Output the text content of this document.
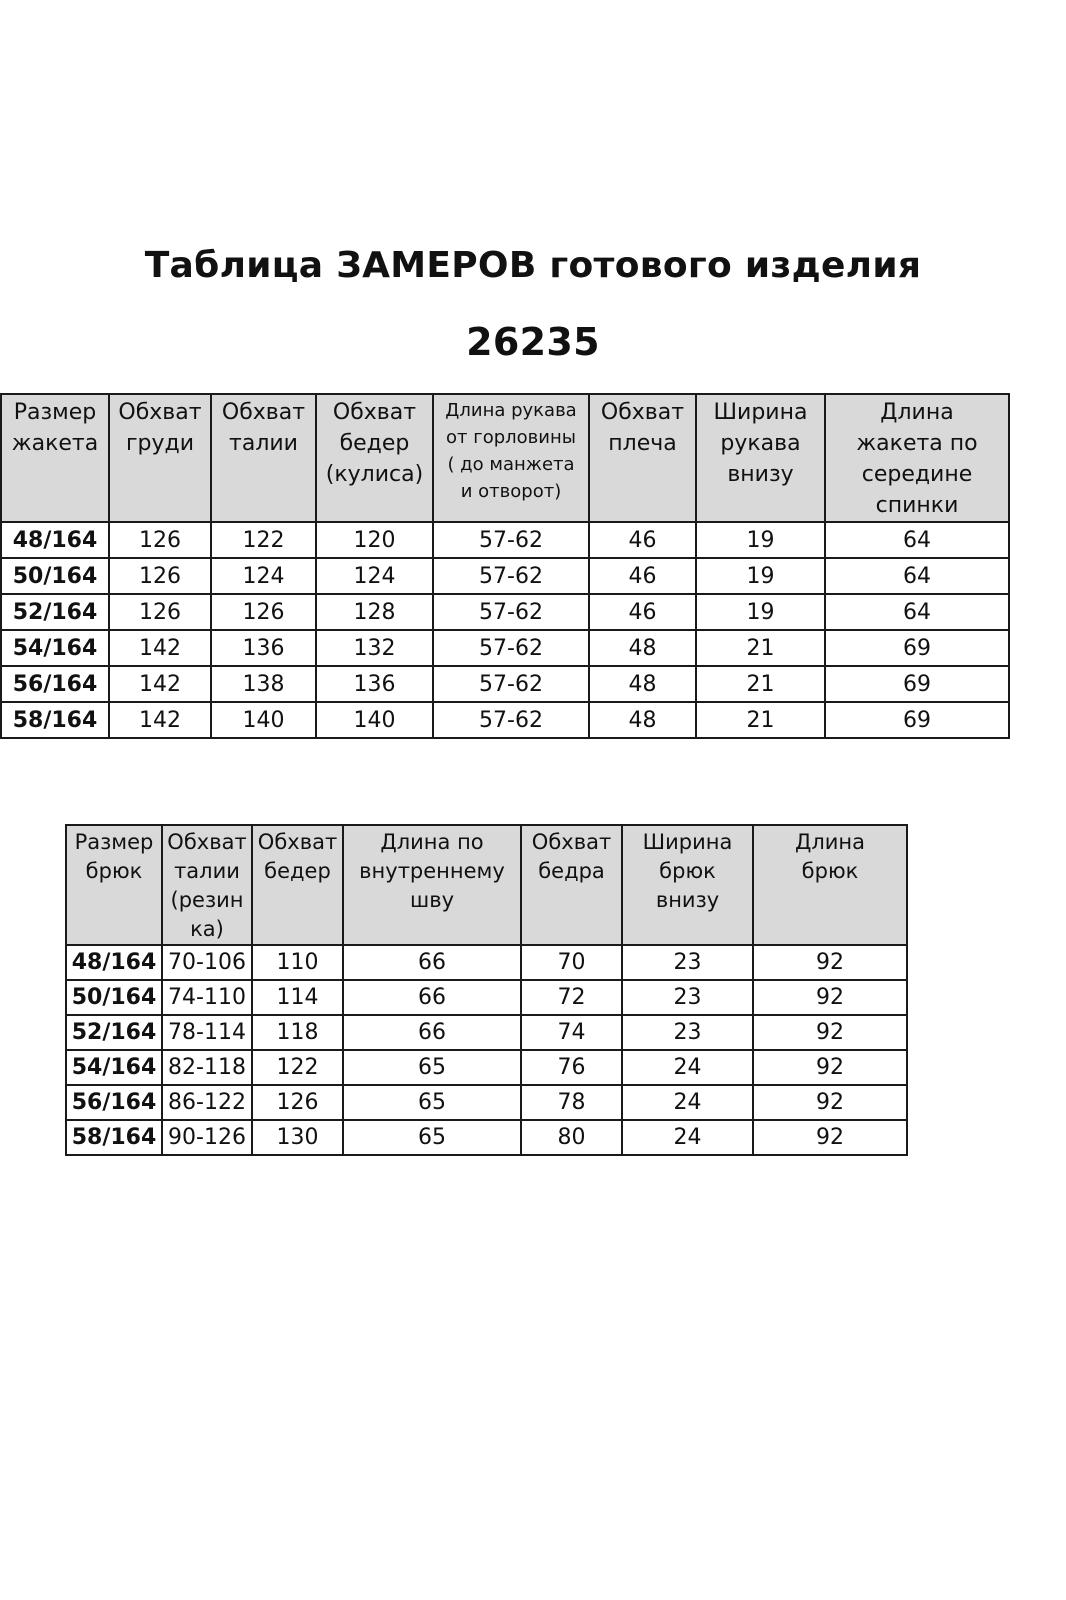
Таблица ЗАМЕРОВ готового изделия
26235
Размер
жакета	Обхват
груди	Обхват
талии	Обхват
бедер
(кулиса)	Длина рукава
от горловины
( до манжета
и отворот)	Обхват
плеча	Ширина
рукава
внизу	Длина
жакета по
середине
спинки

48/164	126	122	120	57-62	46	19	64
50/164	126	124	124	57-62	46	19	64
52/164	126	126	128	57-62	46	19	64
54/164	142	136	132	57-62	48	21	69
56/164	142	138	136	57-62	48	21	69
58/164	142	140	140	57-62	48	21	69
Размер
брюк	Обхват
талии
(резин
ка)	Обхват
бедер	Длина по
внутреннему
шву	Обхват
бедра	Ширина
брюк
внизу	Длина
брюк

48/164	70-106	110	66	70	23	92
50/164	74-110	114	66	72	23	92
52/164	78-114	118	66	74	23	92
54/164	82-118	122	65	76	24	92
56/164	86-122	126	65	78	24	92
58/164	90-126	130	65	80	24	92
